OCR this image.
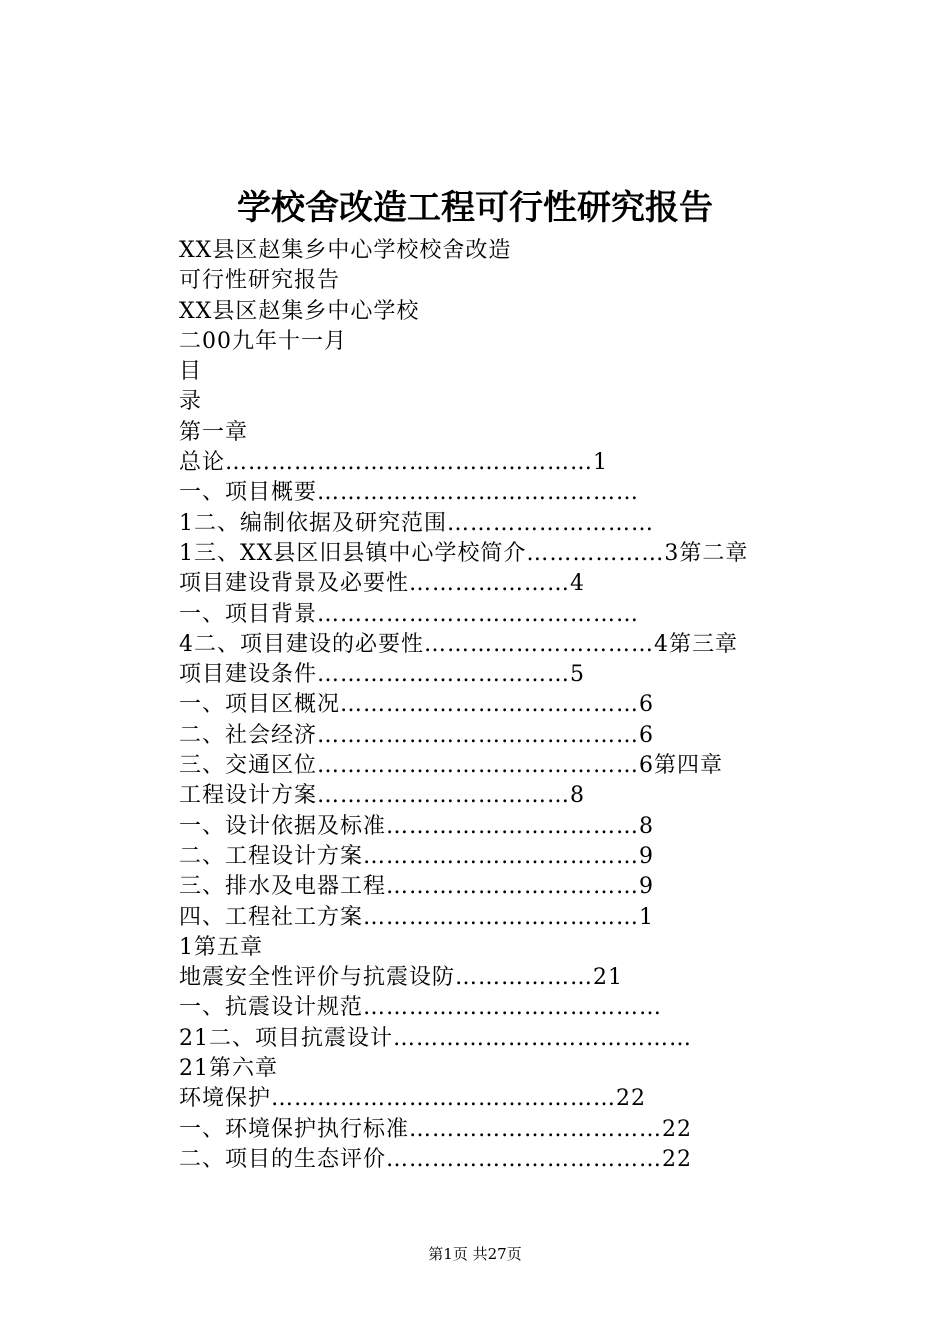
学校舍改造工程可行性研究报告
XX县区赵集乡中心学校校舍改造
可行性研究报告
XX县区赵集乡中心学校
二00九年十一月
目
录
第一章
总论…………………………………………1
一、项目概要……………………………………
1二、编制依据及研究范围………………………
1三、XX县区旧县镇中心学校简介………………3第二章
项目建设背景及必要性…………………4
一、项目背景……………………………………
4二、项目建设的必要性…………………………4第三章
项目建设条件……………………………5
一、项目区概况…………………………………6
二、社会经济……………………………………6
三、交通区位……………………………………6第四章
工程设计方案……………………………8
一、设计依据及标准……………………………8
二、工程设计方案………………………………9
三、排水及电器工程……………………………9
四、工程社工方案………………………………1
1第五章
地震安全性评价与抗震设防………………21
一、抗震设计规范…………………………………
21二、项目抗震设计…………………………………
21第六章
环境保护………………………………………22
一、环境保护执行标准……………………………22
二、项目的生态评价………………………………22
第1页 共27页
